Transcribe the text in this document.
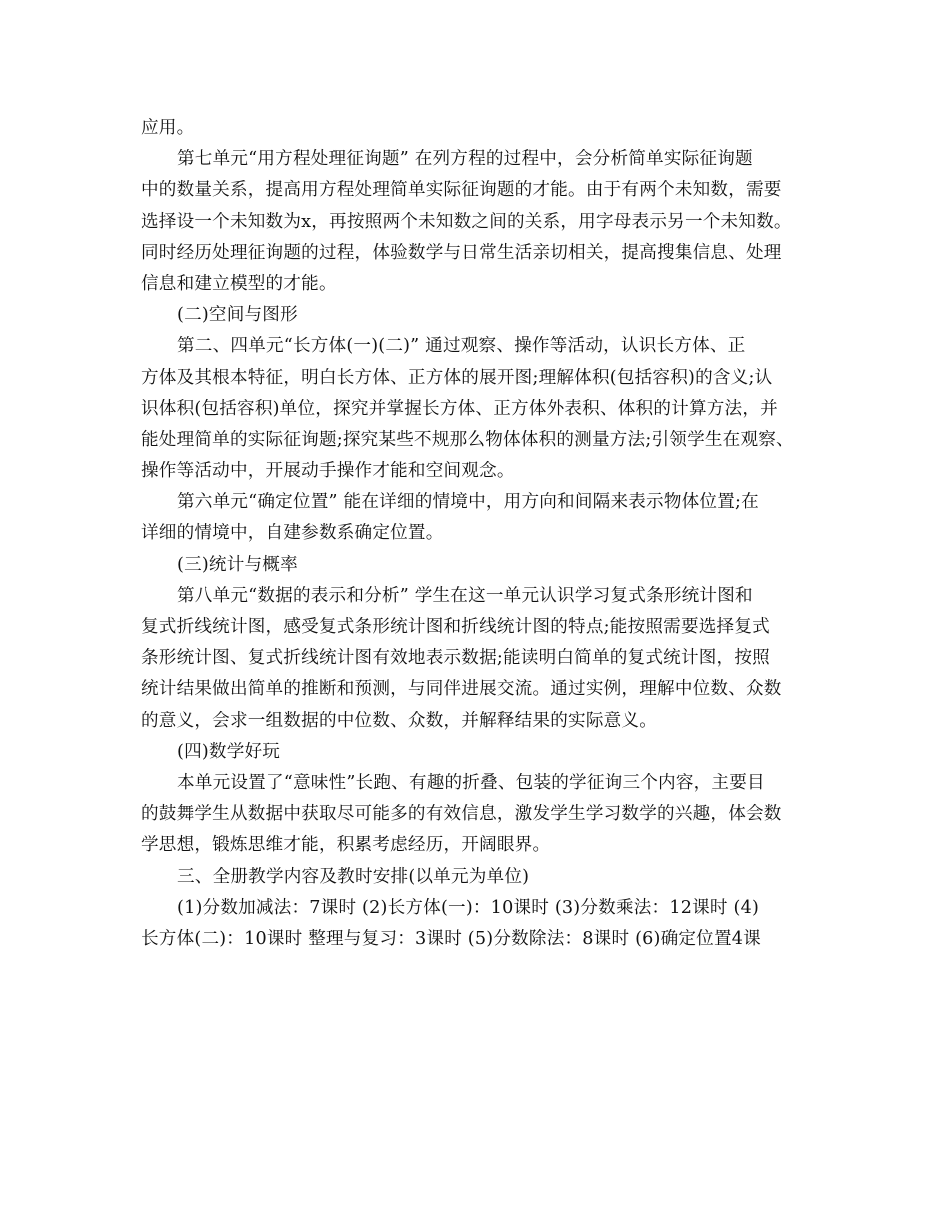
应用。
第七单元“用方程处理征询题” 在列方程的过程中，会分析简单实际征询题
中的数量关系，提高用方程处理简单实际征询题的才能。由于有两个未知数，需要
选择设一个未知数为x，再按照两个未知数之间的关系，用字母表示另一个未知数。
同时经历处理征询题的过程，体验数学与日常生活亲切相关，提高搜集信息、处理
信息和建立模型的才能。
(二)空间与图形
第二、四单元“长方体(一)(二)” 通过观察、操作等活动，认识长方体、正
方体及其根本特征，明白长方体、正方体的展开图;理解体积(包括容积)的含义;认
识体积(包括容积)单位，探究并掌握长方体、正方体外表积、体积的计算方法，并
能处理简单的实际征询题;探究某些不规那么物体体积的测量方法;引领学生在观察、
操作等活动中，开展动手操作才能和空间观念。
第六单元“确定位置” 能在详细的情境中，用方向和间隔来表示物体位置;在
详细的情境中，自建参数系确定位置。
(三)统计与概率
第八单元“数据的表示和分析” 学生在这一单元认识学习复式条形统计图和
复式折线统计图，感受复式条形统计图和折线统计图的特点;能按照需要选择复式
条形统计图、复式折线统计图有效地表示数据;能读明白简单的复式统计图，按照
统计结果做出简单的推断和预测，与同伴进展交流。通过实例，理解中位数、众数
的意义，会求一组数据的中位数、众数，并解释结果的实际意义。
(四)数学好玩
本单元设置了“意味性”长跑、有趣的折叠、包装的学征询三个内容，主要目
的鼓舞学生从数据中获取尽可能多的有效信息，激发学生学习数学的兴趣，体会数
学思想，锻炼思维才能，积累考虑经历，开阔眼界。
三、全册教学内容及教时安排(以单元为单位)
(1)分数加减法：7课时 (2)长方体(一)：10课时 (3)分数乘法：12课时 (4)
长方体(二)：10课时 整理与复习：3课时 (5)分数除法：8课时 (6)确定位置4课
